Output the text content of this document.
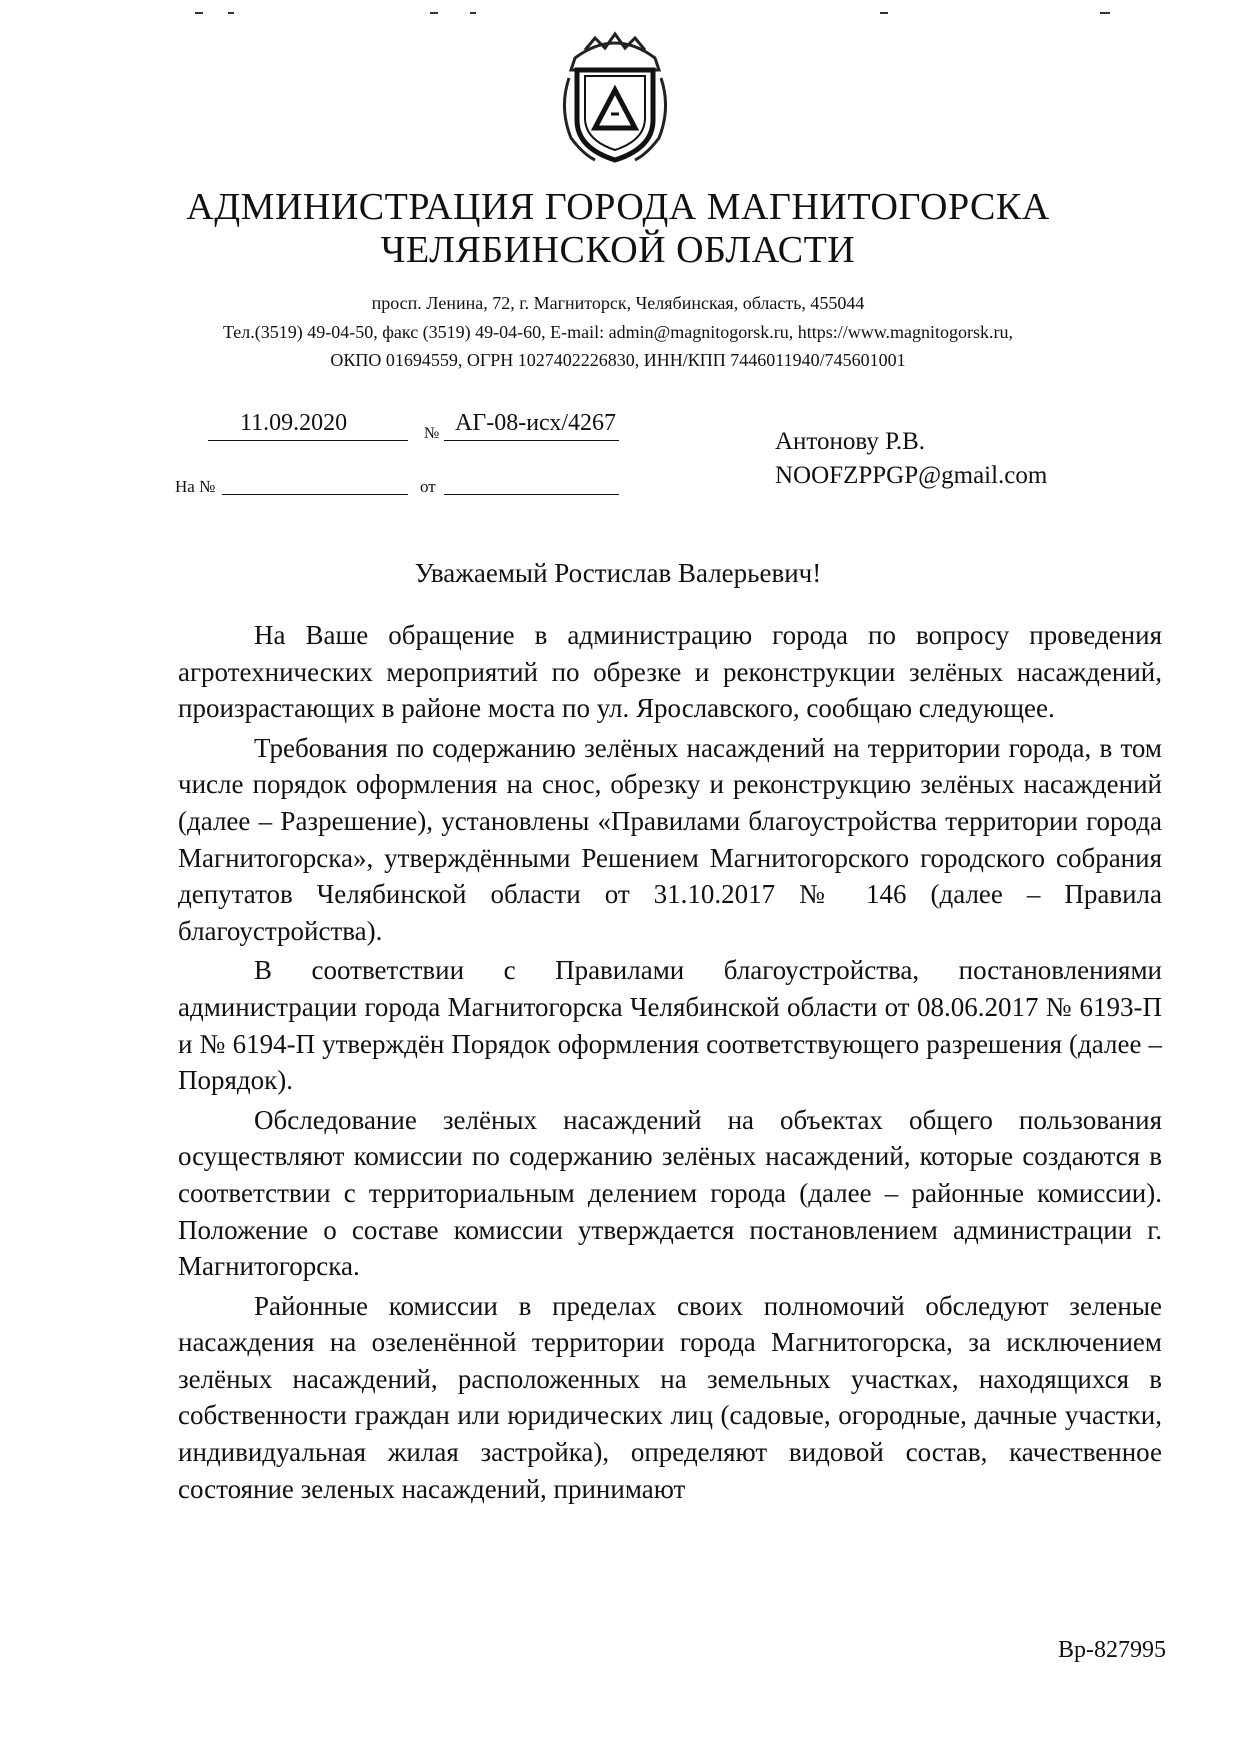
АДМИНИСТРАЦИЯ ГОРОДА МАГНИТОГОРСКА
ЧЕЛЯБИНСКОЙ ОБЛАСТИ
просп. Ленина, 72, г. Магниторск, Челябинская, область, 455044
Тел.(3519) 49-04-50, факс (3519) 49-04-60, E-mail: admin@magnitogorsk.ru, https://www.magnitogorsk.ru,
ОКПО 01694559, ОГРН 1027402226830, ИНН/КПП 7446011940/745601001
11.09.2020	№ АГ-08-исх/4267
На №	от
Антонову Р.В.
NOOFZPPGP@gmail.com
Уважаемый Ростислав Валерьевич!

На Ваше обращение в администрацию города по вопросу проведения агротехнических мероприятий по обрезке и реконструкции зелёных насаждений, произрастающих в районе моста по ул. Ярославского, сообщаю следующее.

Требования по содержанию зелёных насаждений на территории города, в том числе порядок оформления на снос, обрезку и реконструкцию зелёных насаждений (далее – Разрешение), установлены «Правилами благоустройства территории города Магнитогорска», утверждёнными Решением Магнитогорского городского собрания депутатов Челябинской области от 31.10.2017 № 146 (далее – Правила благоустройства).

В соответствии с Правилами благоустройства, постановлениями администрации города Магнитогорска Челябинской области от 08.06.2017 № 6193-П и № 6194-П утверждён Порядок оформления соответствующего разрешения (далее – Порядок).

Обследование зелёных насаждений на объектах общего пользования осуществляют комиссии по содержанию зелёных насаждений, которые создаются в соответствии с территориальным делением города (далее – районные комиссии). Положение о составе комиссии утверждается постановлением администрации г. Магнитогорска.

Районные комиссии в пределах своих полномочий обследуют зеленые насаждения на озеленённой территории города Магнитогорска, за исключением зелёных насаждений, расположенных на земельных участках, находящихся в собственности граждан или юридических лиц (садовые, огородные, дачные участки, индивидуальная жилая застройка), определяют видовой состав, качественное состояние зеленых насаждений, принимают

Вр-827995
